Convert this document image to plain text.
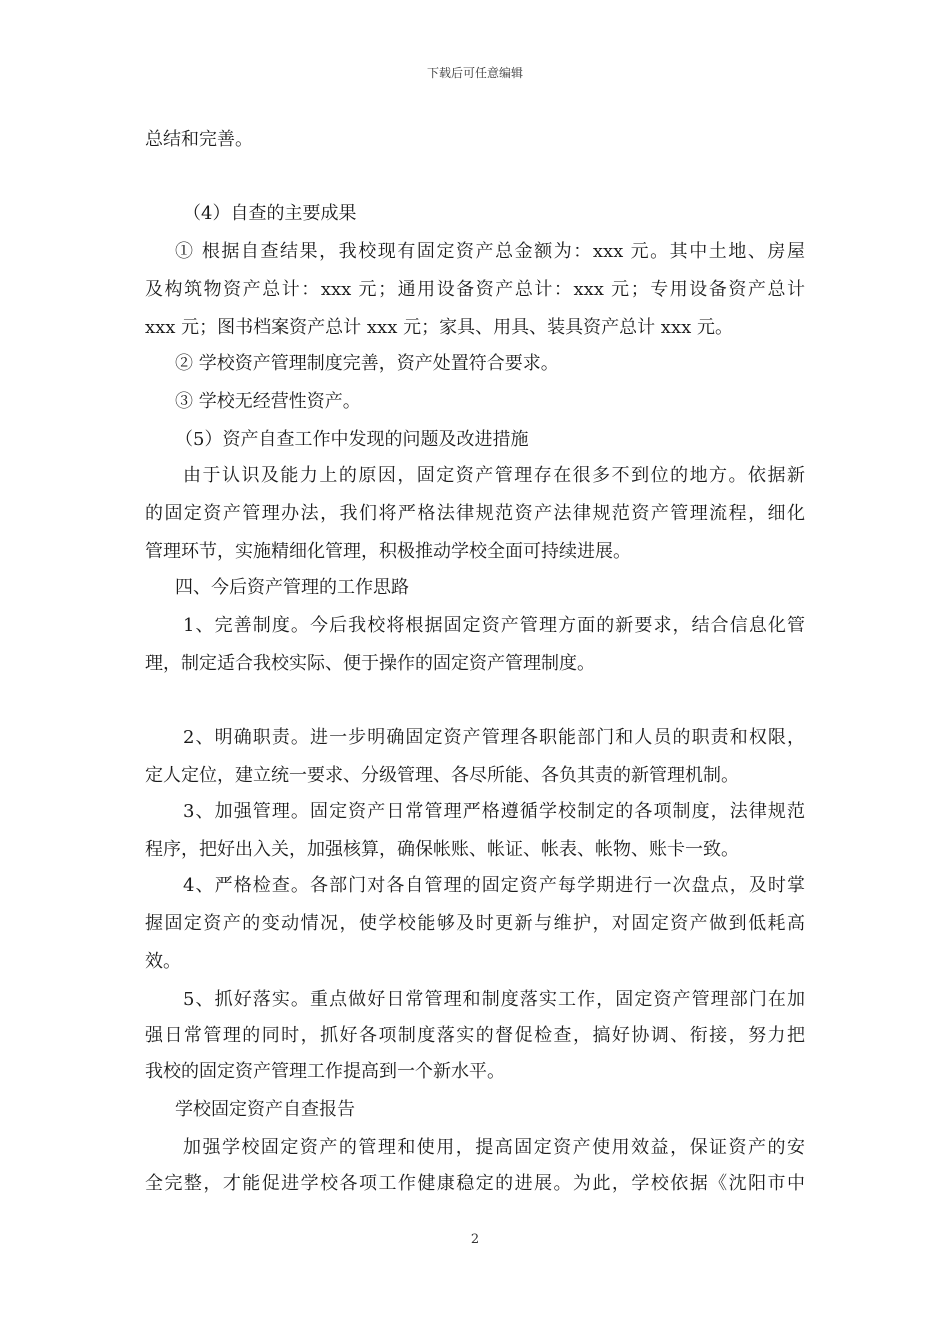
下载后可任意编辑
总结和完善。
（4）自查的主要成果
① 根据自查结果，我校现有固定资产总金额为：xxx 元。其中土地、房屋
及构筑物资产总计：xxx 元；通用设备资产总计：xxx 元；专用设备资产总计
xxx 元；图书档案资产总计 xxx 元；家具、用具、装具资产总计 xxx 元。
② 学校资产管理制度完善，资产处置符合要求。
③ 学校无经营性资产。
（5）资产自查工作中发现的问题及改进措施
由于认识及能力上的原因，固定资产管理存在很多不到位的地方。依据新
的固定资产管理办法，我们将严格法律规范资产法律规范资产管理流程，细化
管理环节，实施精细化管理，积极推动学校全面可持续进展。
四、今后资产管理的工作思路
1、完善制度。今后我校将根据固定资产管理方面的新要求，结合信息化管
理，制定适合我校实际、便于操作的固定资产管理制度。
2、明确职责。进一步明确固定资产管理各职能部门和人员的职责和权限，
定人定位，建立统一要求、分级管理、各尽所能、各负其责的新管理机制。
3、加强管理。固定资产日常管理严格遵循学校制定的各项制度，法律规范
程序，把好出入关，加强核算，确保帐账、帐证、帐表、帐物、账卡一致。
4、严格检查。各部门对各自管理的固定资产每学期进行一次盘点，及时掌
握固定资产的变动情况，使学校能够及时更新与维护，对固定资产做到低耗高
效。
5、抓好落实。重点做好日常管理和制度落实工作，固定资产管理部门在加
强日常管理的同时，抓好各项制度落实的督促检查，搞好协调、衔接，努力把
我校的固定资产管理工作提高到一个新水平。
学校固定资产自查报告
加强学校固定资产的管理和使用，提高固定资产使用效益，保证资产的安
全完整，才能促进学校各项工作健康稳定的进展。为此，学校依据《沈阳市中
2
